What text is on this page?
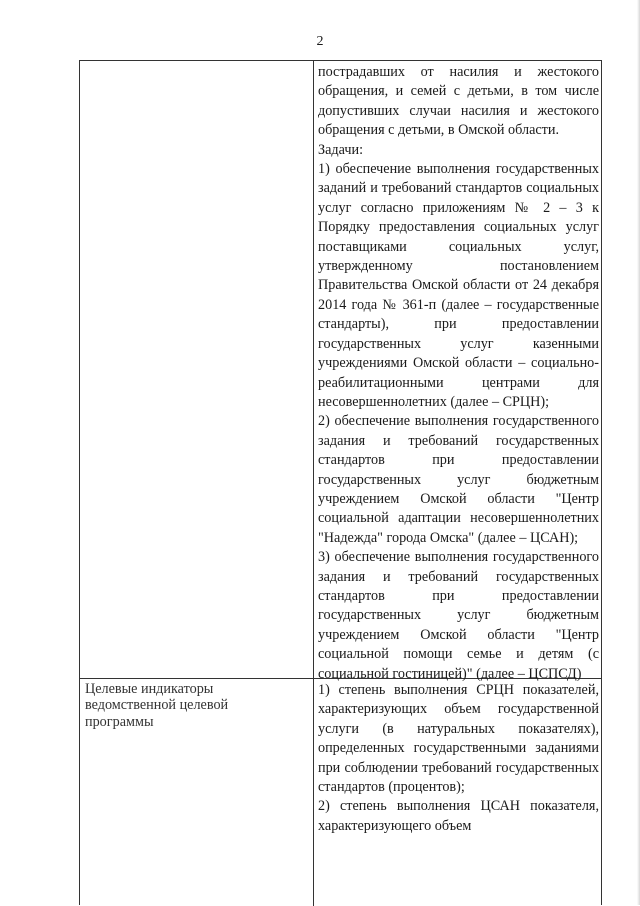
2

пострадавших от насилия и жестокого обращения, и семей с детьми, в том числе допустивших случаи насилия и жестокого обращения с детьми, в Омской области.

Задачи:

1) обеспечение выполнения государственных заданий и требований стандартов социальных услуг согласно приложениям № 2 – 3 к Порядку предоставления социальных услуг поставщиками социальных услуг, утвержденному постановлением Правительства Омской области от 24 декабря 2014 года № 361-п (далее – государственные стандарты), при предоставлении государственных услуг казенными учреждениями Омской области – социально-реабилитационными центрами для несовершеннолетних (далее – СРЦН);

2) обеспечение выполнения государственного задания и требований государственных стандартов при предоставлении государственных услуг бюджетным учреждением Омской области "Центр социальной адаптации несовершеннолетних "Надежда" города Омска" (далее – ЦСАН);

3) обеспечение выполнения государственного задания и требований государственных стандартов при предоставлении государственных услуг бюджетным учреждением Омской области "Центр социальной помощи семье и детям (с социальной гостиницей)" (далее – ЦСПСД)

Целевые индикаторы
ведомственной целевой
программы

1) степень выполнения СРЦН показателей, характеризующих объем государственной услуги (в натуральных показателях), определенных государственными заданиями при соблюдении требований государственных стандартов (процентов);

2) степень выполнения ЦСАН показателя, характеризующего объем
